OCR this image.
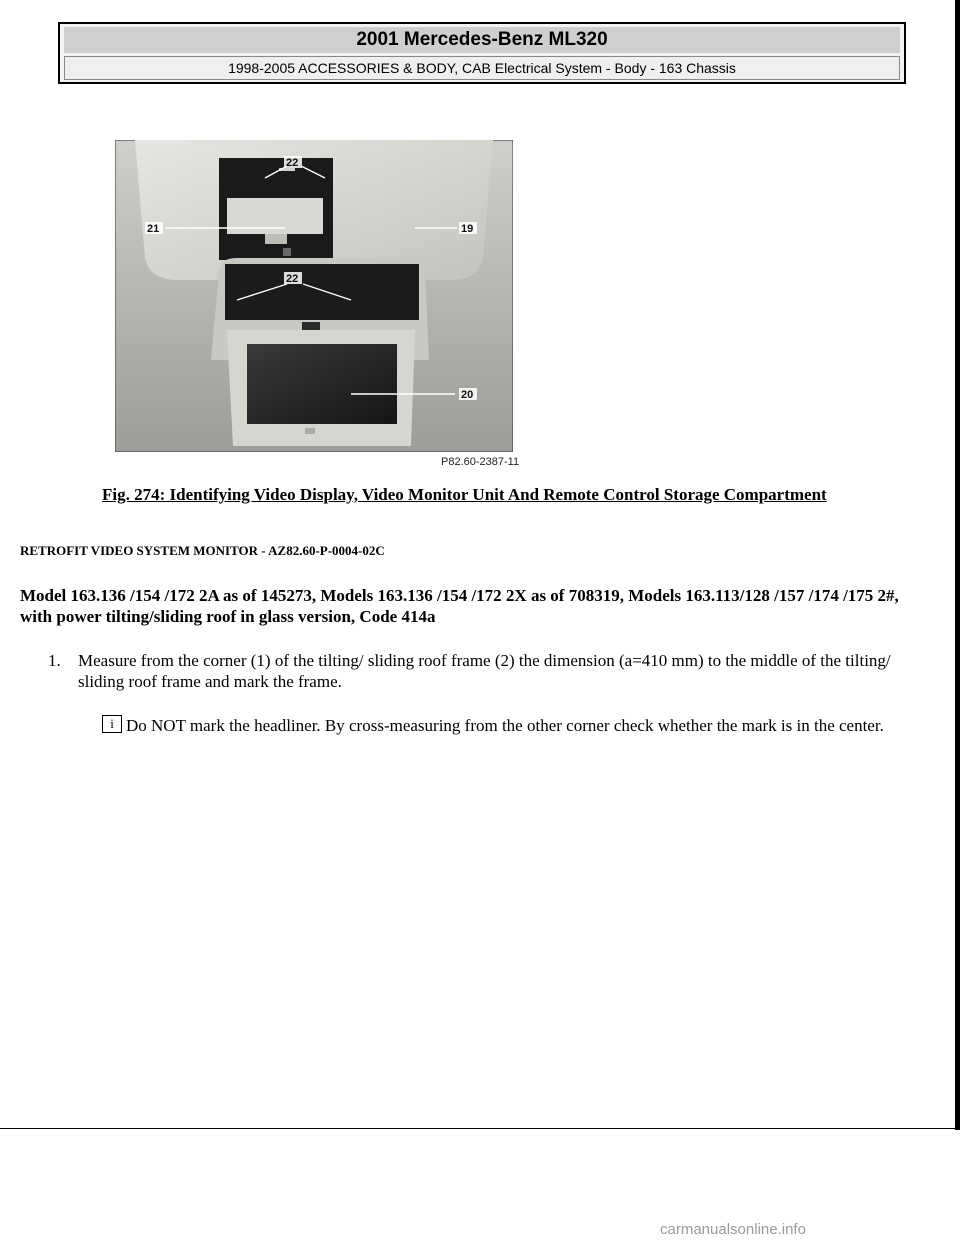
2001 Mercedes-Benz ML320
1998-2005 ACCESSORIES & BODY, CAB Electrical System - Body - 163 Chassis
22
21	19
22
20
P82.60-2387-11
Fig. 274: Identifying Video Display, Video Monitor Unit And Remote Control Storage Compartment
RETROFIT VIDEO SYSTEM MONITOR - AZ82.60-P-0004-02C
Model 163.136 /154 /172 2A as of 145273, Models 163.136 /154 /172 2X as of 708319, Models 163.113/128 /157 /174 /175 2#, with power tilting/sliding roof in glass version, Code 414a
1. Measure from the corner (1) of the tilting/ sliding roof frame (2) the dimension (a=410 mm) to the middle of the tilting/ sliding roof frame and mark the frame.
i Do NOT mark the headliner. By cross-measuring from the other corner check whether the mark is in the center.
carmanualsonline.info
